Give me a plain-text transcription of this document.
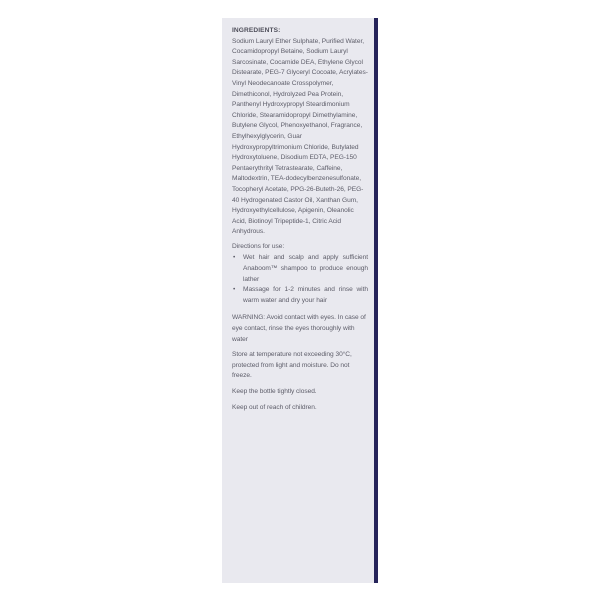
INGREDIENTS:
Sodium Lauryl Ether Sulphate, Purified Water, Cocamidopropyl Betaine, Sodium Lauryl Sarcosinate, Cocamide DEA, Ethylene Glycol Distearate, PEG-7 Glyceryl Cocoate, Acrylates-Vinyl Neodecanoate Crosspolymer, Dimethiconol, Hydrolyzed Pea Protein, Panthenyl Hydroxypropyl Steardimonium Chloride, Stearamidopropyl Dimethylamine, Butylene Glycol, Phenoxyethanol, Fragrance, Ethylhexylglycerin, Guar Hydroxypropyltrimonium Chloride, Butylated Hydroxytoluene, Disodium EDTA, PEG-150 Pentaerythrityl Tetrastearate, Caffeine, Maltodextrin, TEA-dodecylbenzenesulfonate, Tocopheryl Acetate, PPG-26-Buteth-26, PEG-40 Hydrogenated Castor Oil, Xanthan Gum, Hydroxyethylcellulose, Apigenin, Oleanolic Acid, Biotinoyl Tripeptide-1, Citric Acid Anhydrous.
Directions for use:
• Wet hair and scalp and apply sufficient Anaboom™ shampoo to produce enough lather
• Massage for 1-2 minutes and rinse with warm water and dry your hair
WARNING: Avoid contact with eyes. In case of eye contact, rinse the eyes thoroughly with water
Store at temperature not exceeding 30°C, protected from light and moisture. Do not freeze.
Keep the bottle tightly closed.
Keep out of reach of children.
